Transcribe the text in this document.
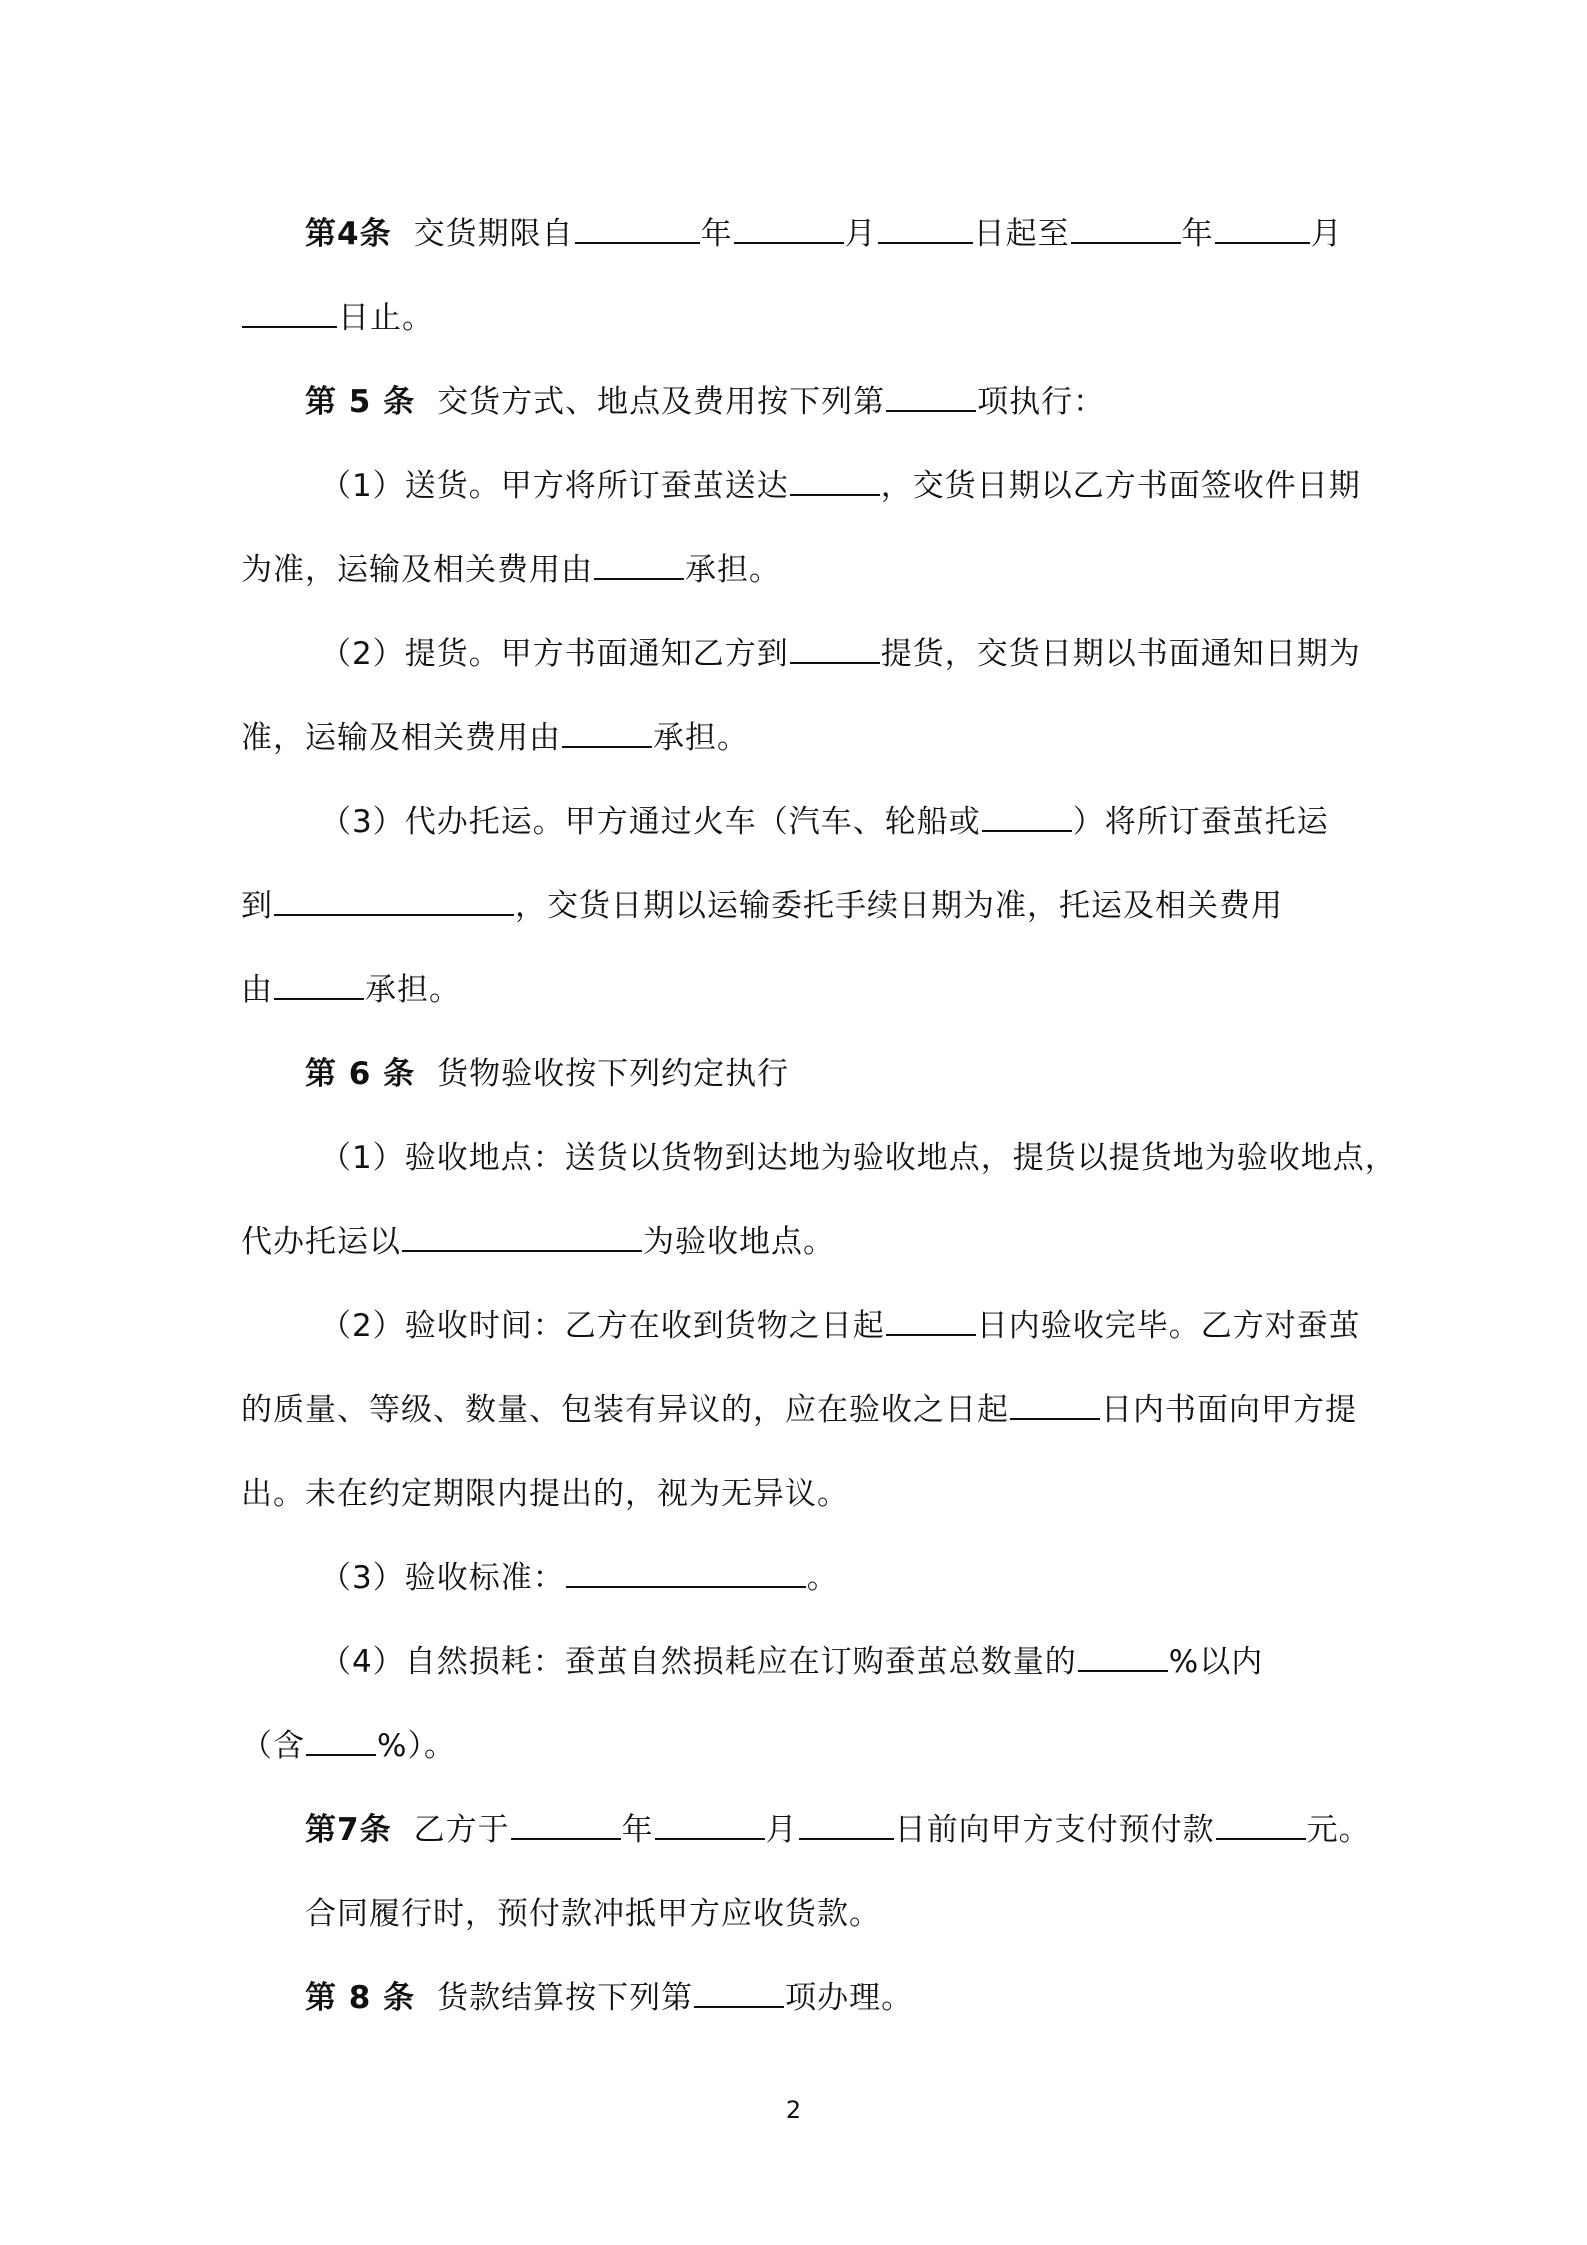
第4条 交货期限自	年	月	日起至	年	月
日止。
第 5 条 交货方式、地点及费用按下列第	项执行：
（1）送货。甲方将所订蚕茧送达	，交货日期以乙方书面签收件日期
为准，运输及相关费用由	承担。
（2）提货。甲方书面通知乙方到	提货，交货日期以书面通知日期为
准，运输及相关费用由	承担。
（3）代办托运。甲方通过火车（汽车、轮船或	）将所订蚕茧托运
到	，交货日期以运输委托手续日期为准，托运及相关费用
由	承担。
第 6 条 货物验收按下列约定执行
（1）验收地点：送货以货物到达地为验收地点，提货以提货地为验收地点，
代办托运以	为验收地点。
（2）验收时间：乙方在收到货物之日起	日内验收完毕。乙方对蚕茧
的质量、等级、数量、包装有异议的，应在验收之日起	日内书面向甲方提
出。未在约定期限内提出的，视为无异议。
（3）验收标准：	。
（4）自然损耗：蚕茧自然损耗应在订购蚕茧总数量的	%以内
（含 %）。
第7条 乙方于	年	月	日前向甲方支付预付款	元。
合同履行时，预付款冲抵甲方应收货款。
第 8 条 货款结算按下列第	项办理。
2
